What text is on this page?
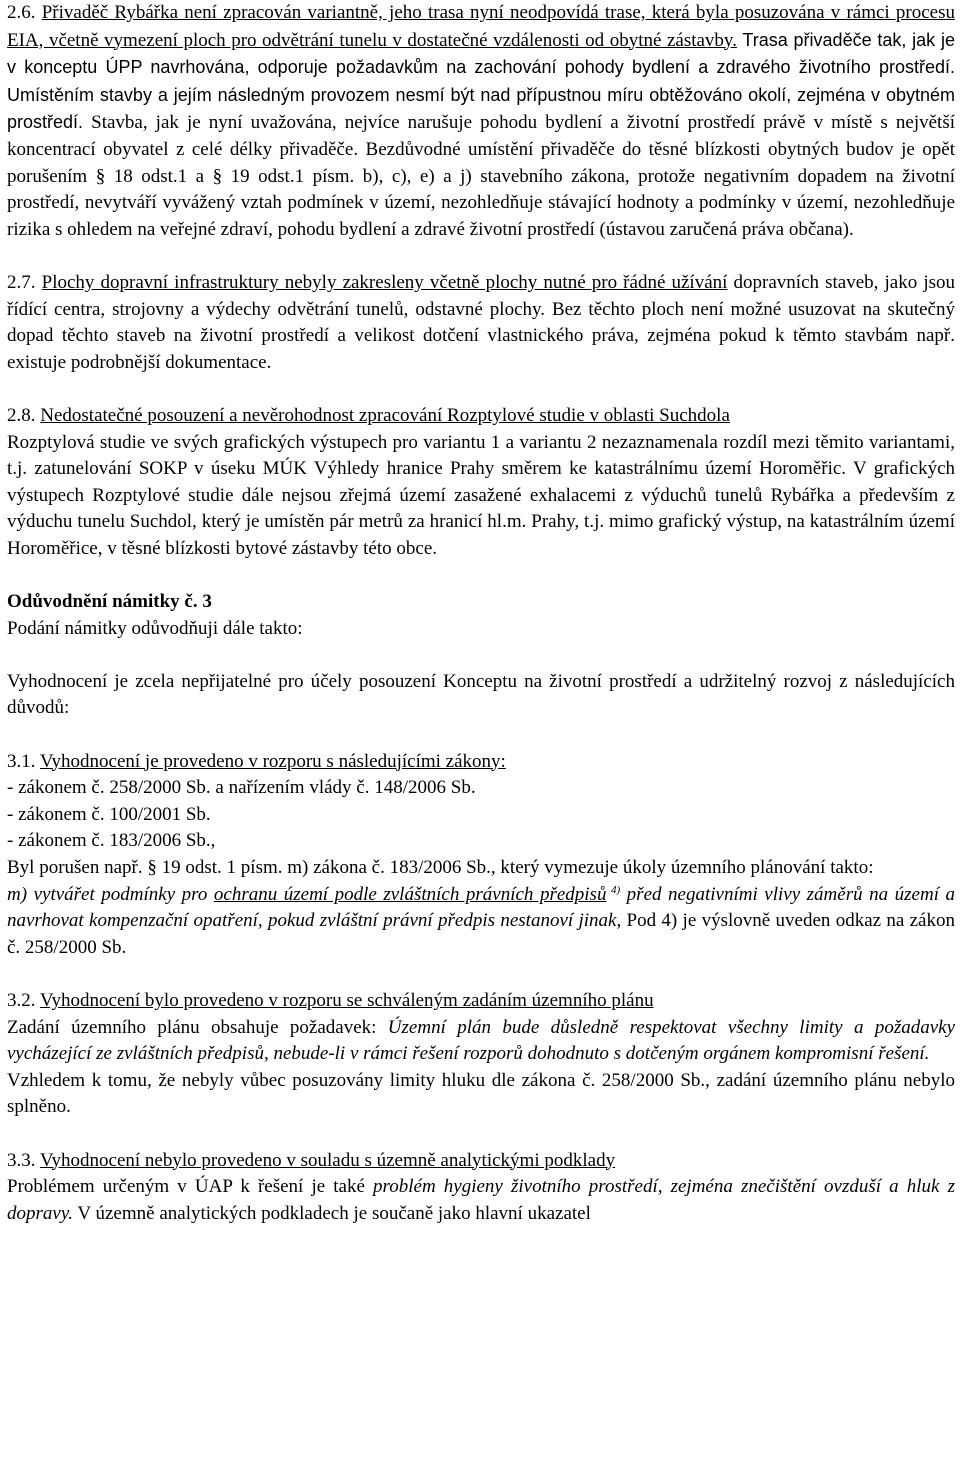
2.6. Přivaděč Rybářka není zpracován variantně, jeho trasa nyní neodpovídá trase, která byla posuzována v rámci procesu EIA, včetně vymezení ploch pro odvětrání tunelu v dostatečné vzdálenosti od obytné zástavby. Trasa přivaděče tak, jak je v konceptu ÚPP navrhována, odporuje požadavkům na zachování pohody bydlení a zdravého životního prostředí. Umístěním stavby a jejím následným provozem nesmí být nad přípustnou míru obtěžováno okolí, zejména v obytném prostředí. Stavba, jak je nyní uvažována, nejvíce narušuje pohodu bydlení a životní prostředí právě v místě s největší koncentrací obyvatel z celé délky přivaděče. Bezdůvodné umístění přivaděče do těsné blízkosti obytných budov je opět porušením § 18 odst.1 a § 19 odst.1 písm. b), c), e) a j) stavebního zákona, protože negativním dopadem na životní prostředí, nevytváří vyvážený vztah podmínek v území, nezohledňuje stávající hodnoty a podmínky v území, nezohledňuje rizika s ohledem na veřejné zdraví, pohodu bydlení a zdravé životní prostředí (ústavou zaručená práva občana).

2.7. Plochy dopravní infrastruktury nebyly zakresleny včetně plochy nutné pro řádné užívání dopravních staveb, jako jsou řídící centra, strojovny a výdechy odvětrání tunelů, odstavné plochy. Bez těchto ploch není možné usuzovat na skutečný dopad těchto staveb na životní prostředí a velikost dotčení vlastnického práva, zejména pokud k těmto stavbám např. existuje podrobnější dokumentace.

2.8. Nedostatečné posouzení a nevěrohodnost zpracování Rozptylové studie v oblasti Suchdola

Rozptylová studie ve svých grafických výstupech pro variantu 1 a variantu 2 nezaznamenala rozdíl mezi těmito variantami, t.j. zatunelování SOKP v úseku MÚK Výhledy hranice Prahy směrem ke katastrálnímu území Horoměřic. V grafických výstupech Rozptylové studie dále nejsou zřejmá území zasažené exhalacemi z výduchů tunelů Rybářka a především z výduchu tunelu Suchdol, který je umístěn pár metrů za hranicí hl.m. Prahy, t.j. mimo grafický výstup, na katastrálním území Horoměřice, v těsné blízkosti bytové zástavby této obce.

Odůvodnění námitky č. 3

Podání námitky odůvodňuji dále takto:

Vyhodnocení je zcela nepřijatelné pro účely posouzení Konceptu na životní prostředí a udržitelný rozvoj z následujících důvodů:

3.1. Vyhodnocení je provedeno v rozporu s následujícími zákony:

- zákonem č. 258/2000 Sb. a nařízením vlády č. 148/2006 Sb.

- zákonem č. 100/2001 Sb.

- zákonem č. 183/2006 Sb.,

Byl porušen např. § 19 odst. 1 písm. m) zákona č. 183/2006 Sb., který vymezuje úkoly územního plánování takto:

m) vytvářet podmínky pro ochranu území podle zvláštních právních předpisů $^{4)}$ před negativními vlivy záměrů na území a navrhovat kompenzační opatření, pokud zvláštní právní předpis nestanoví jinak, Pod 4) je výslovně uveden odkaz na zákon č. 258/2000 Sb.

3.2. Vyhodnocení bylo provedeno v rozporu se schváleným zadáním územního plánu

Zadání územního plánu obsahuje požadavek: Územní plán bude důsledně respektovat všechny limity a požadavky vycházející ze zvláštních předpisů, nebude-li v rámci řešení rozporů dohodnuto s dotčeným orgánem kompromisní řešení.

Vzhledem k tomu, že nebyly vůbec posuzovány limity hluku dle zákona č. 258/2000 Sb., zadání územního plánu nebylo splněno.

3.3. Vyhodnocení nebylo provedeno v souladu s územně analytickými podklady

Problémem určeným v ÚAP k řešení je také problém hygieny životního prostředí, zejména znečištění ovzduší a hluk z dopravy. V územně analytických podkladech je součaně jako hlavní ukazatel
